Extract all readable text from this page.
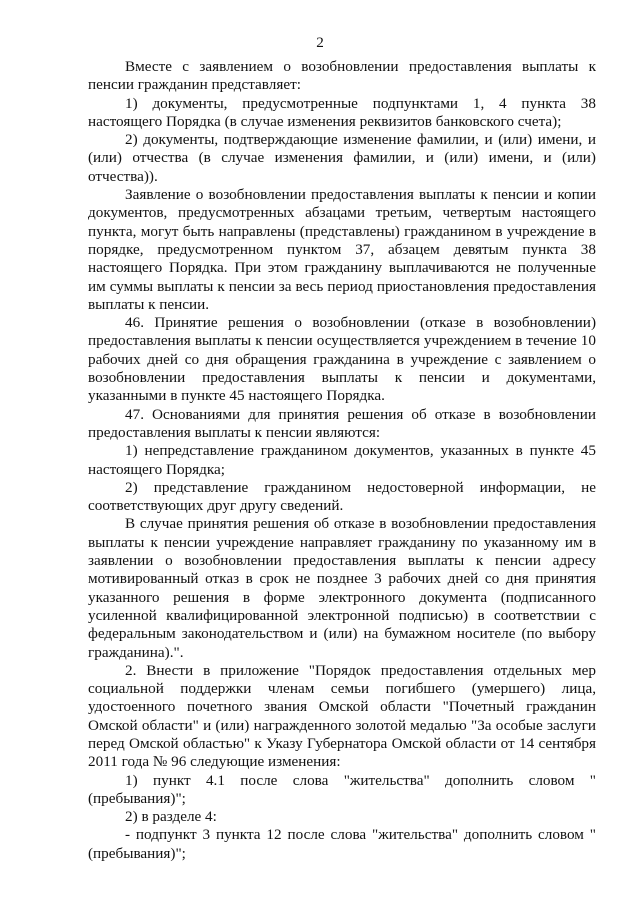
2

Вместе с заявлением о возобновлении предоставления выплаты к пенсии гражданин представляет:

1) документы, предусмотренные подпунктами 1, 4 пункта 38 настоящего Порядка (в случае изменения реквизитов банковского счета);

2) документы, подтверждающие изменение фамилии, и (или) имени, и (или) отчества (в случае изменения фамилии, и (или) имени, и (или) отчества)).

Заявление о возобновлении предоставления выплаты к пенсии и копии документов, предусмотренных абзацами третьим, четвертым настоящего пункта, могут быть направлены (представлены) гражданином в учреждение в порядке, предусмотренном пунктом 37, абзацем девятым пункта 38 настоящего Порядка. При этом гражданину выплачиваются не полученные им суммы выплаты к пенсии за весь период приостановления предоставления выплаты к пенсии.

46. Принятие решения о возобновлении (отказе в возобновлении) предоставления выплаты к пенсии осуществляется учреждением в течение 10 рабочих дней со дня обращения гражданина в учреждение с заявлением о возобновлении предоставления выплаты к пенсии и документами, указанными в пункте 45 настоящего Порядка.

47. Основаниями для принятия решения об отказе в возобновлении предоставления выплаты к пенсии являются:

1) непредставление гражданином документов, указанных в пункте 45 настоящего Порядка;

2) представление гражданином недостоверной информации, не соответствующих друг другу сведений.

В случае принятия решения об отказе в возобновлении предоставления выплаты к пенсии учреждение направляет гражданину по указанному им в заявлении о возобновлении предоставления выплаты к пенсии адресу мотивированный отказ в срок не позднее 3 рабочих дней со дня принятия указанного решения в форме электронного документа (подписанного усиленной квалифицированной электронной подписью) в соответствии с федеральным законодательством и (или) на бумажном носителе (по выбору гражданина).".

2. Внести в приложение "Порядок предоставления отдельных мер социальной поддержки членам семьи погибшего (умершего) лица, удостоенного почетного звания Омской области "Почетный гражданин Омской области" и (или) награжденного золотой медалью "За особые заслуги перед Омской областью" к Указу Губернатора Омской области от 14 сентября 2011 года № 96 следующие изменения:

1) пункт 4.1 после слова "жительства" дополнить словом "(пребывания)";

2) в разделе 4:

- подпункт 3 пункта 12 после слова "жительства" дополнить словом "(пребывания)";
